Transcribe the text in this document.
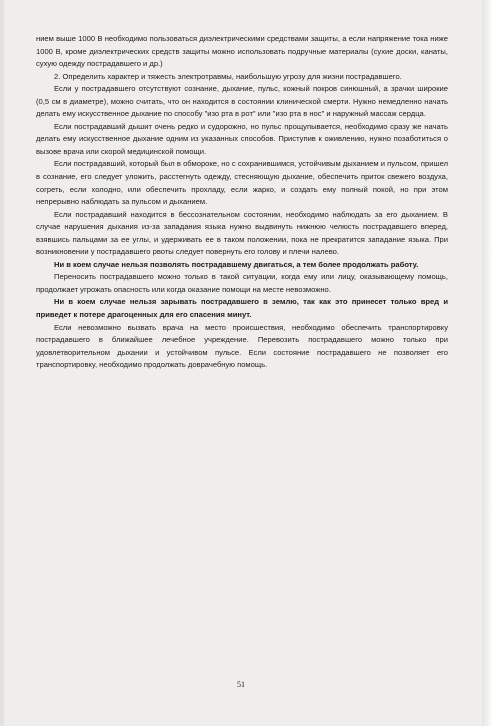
нием выше 1000 В необходимо пользоваться диэлектрическими средствами защиты, а если напряжение тока ниже 1000 В, кроме диэлектрических средств защиты можно использовать подручные материалы (сухие доски, канаты, сухую одежду пострадавшего и др.)

2. Определить характер и тяжесть электротравмы, наибольшую угрозу для жизни пострадавшего.

Если у пострадавшего отсутствуют сознание, дыхание, пульс, кожный покров синюшный, а зрачки широкие (0,5 см в диаметре), можно считать, что он находится в состоянии клинической смерти. Нужно немедленно начать делать ему искусственное дыхание по способу "изо рта в рот" или "изо рта в нос" и наружный массаж сердца.

Если пострадавший дышит очень редко и судорожно, но пульс прощупывается, необходимо сразу же начать делать ему искусственное дыхание одним из указанных способов. Приступив к оживлению, нужно позаботиться о вызове врача или скорой медицинской помощи.

Если пострадавший, который был в обмороке, но с сохранившимся, устойчивым дыханием и пульсом, пришел в сознание, его следует уложить, расстегнуть одежду, стесняющую дыхание, обеспечить приток свежего воздуха, согреть, если холодно, или обеспечить прохладу, если жарко, и создать ему полный покой, но при этом непрерывно наблюдать за пульсом и дыханием.

Если пострадавший находится в бессознательном состоянии, необходимо наблюдать за его дыханием. В случае нарушения дыхания из-за западания языка нужно выдвинуть нижнюю челюсть пострадавшего вперед, взявшись пальцами за ее углы, и удерживать ее в таком положении, пока не прекратится западание языка. При возникновении у пострадавшего рвоты следует повернуть его голову и плечи налево.

Ни в коем случае нельзя позволять пострадавшему двигаться, а тем более продолжать работу.

Переносить пострадавшего можно только в такой ситуации, когда ему или лицу, оказывающему помощь, продолжает угрожать опасность или когда оказание помощи на месте невозможно.

Ни в коем случае нельзя зарывать пострадавшего в землю, так как это принесет только вред и приведет к потере драгоценных для его спасения минут.

Если невозможно вызвать врача на место происшествия, необходимо обеспечить транспортировку пострадавшего в ближайшее лечебное учреждение. Перевозить пострадавшего можно только при удовлетворительном дыхании и устойчивом пульсе. Если состояние пострадавшего не позволяет его транспортировку, необходимо продолжать доврачебную помощь.

51
